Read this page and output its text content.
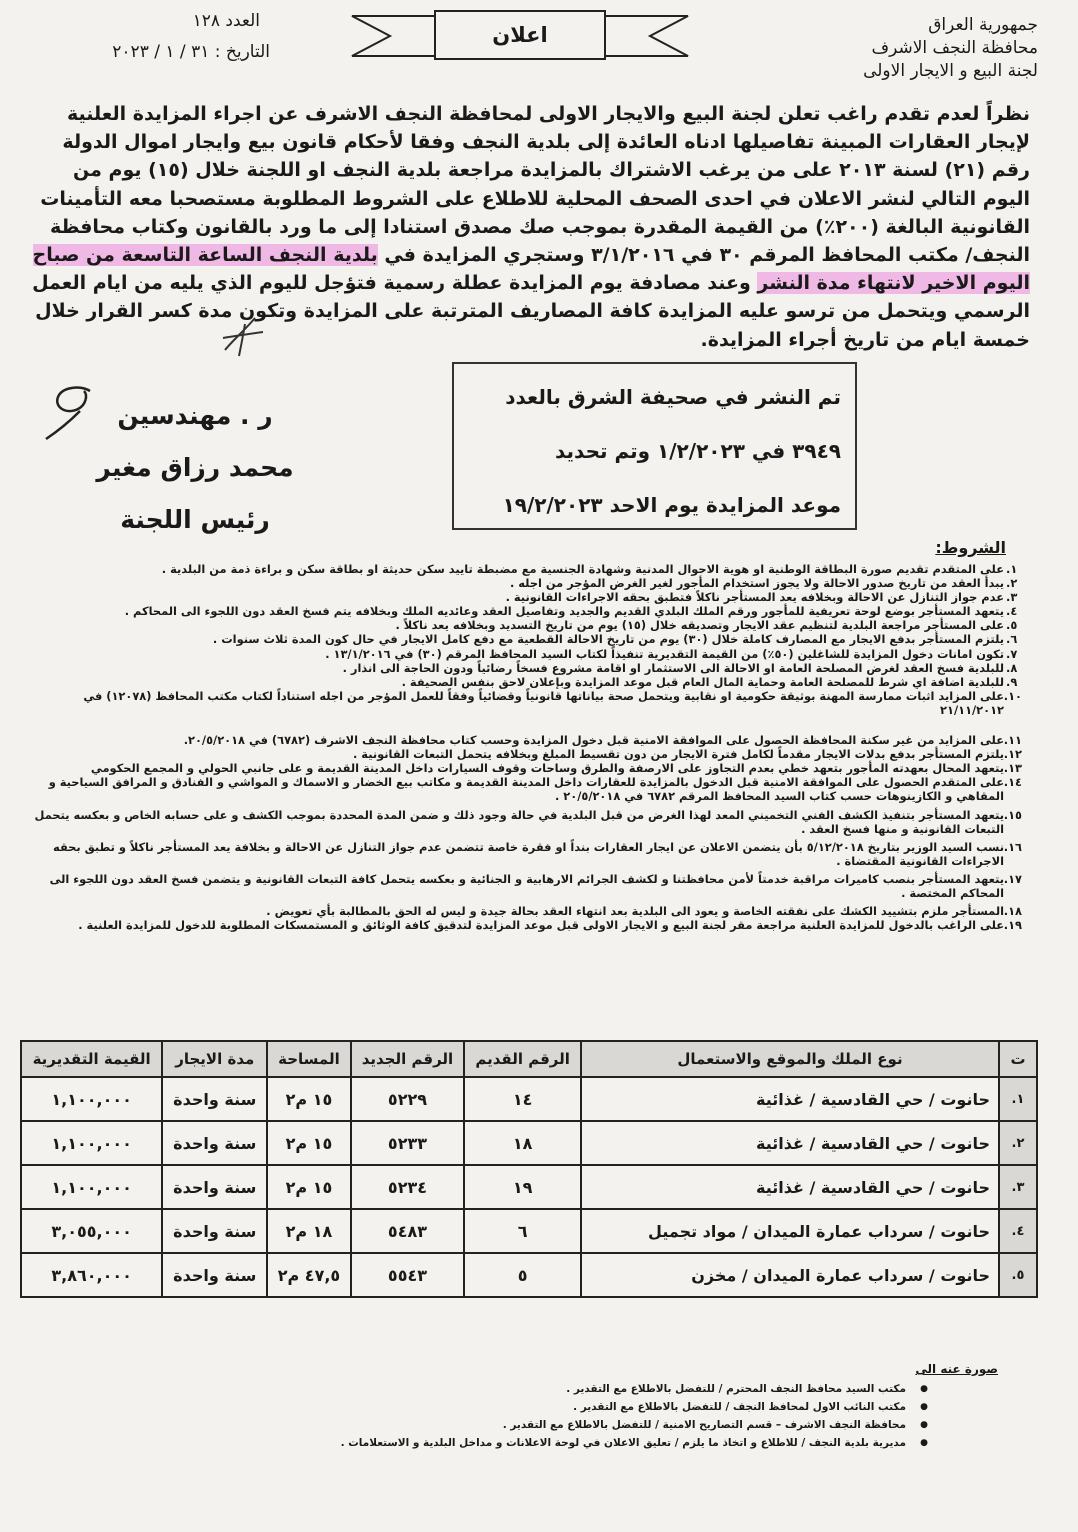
جمهورية العراق
محافظة النجف الاشرف
لجنة البيع و الايجار الاولى
العدد ١٢٨
التاريخ : ٣١ / ١ / ٢٠٢٣
اعلان
نظراً لعدم تقدم راغب تعلن لجنة البيع والايجار الاولى لمحافظة النجف الاشرف عن اجراء المزايدة العلنية لإيجار العقارات المبينة تفاصيلها ادناه العائدة إلى بلدية النجف وفقا لأحكام قانون بيع وايجار اموال الدولة رقم (٢١) لسنة ٢٠١٣ على من يرغب الاشتراك بالمزايدة مراجعة بلدية النجف او اللجنة خلال (١٥) يوم من اليوم التالي لنشر الاعلان في احدى الصحف المحلية للاطلاع على الشروط المطلوبة مستصحبا معه التأمينات القانونية البالغة (٢٠٠٪) من القيمة المقدرة بموجب صك مصدق استنادا إلى ما ورد بالقانون وكتاب محافظة النجف/ مكتب المحافظ المرقم ٣٠ في ٣/١/٢٠١٦ وستجري المزايدة في بلدية النجف الساعة التاسعة من صباح اليوم الاخير لانتهاء مدة النشر وعند مصادفة يوم المزايدة عطلة رسمية فتؤجل لليوم الذي يليه من ايام العمل الرسمي ويتحمل من ترسو عليه المزايدة كافة المصاريف المترتبة على المزايدة وتكون مدة كسر القرار خلال خمسة ايام من تاريخ أجراء المزايدة.
ر . مهندسين
محمد رزاق مغير
رئيس اللجنة
تم النشر في صحيفة الشرق بالعدد
٣٩٤٩ في ١/٢/٢٠٢٣ وتم تحديد
موعد المزايدة يوم الاحد ١٩/٢/٢٠٢٣
الشروط:
١.
على المتقدم تقديم صورة البطاقة الوطنية او هوية الاحوال المدنية وشهادة الجنسية مع مضبطة تاييد سكن حديثة او بطاقة سكن و براءة ذمة من البلدية .
٢.
يبدأ العقد من تاريخ صدور الاحالة ولا يجوز استخدام المأجور لغير الغرض المؤجر من اجله .
٣.
عدم جواز التنازل عن الاحالة وبخلافه يعد المستأجر ناكلاً فتطبق بحقه الاجراءات القانونية .
٤.
يتعهد المستأجر بوضع لوحة تعريفية للمأجور ورقم الملك البلدي القديم والجديد وتفاصيل العقد وعائديه الملك وبخلافه يتم فسخ العقد دون اللجوء الى المحاكم .
٥.
على المستأجر مراجعة البلدية لتنظيم عقد الايجار وتصديقه خلال (١٥) يوم من تاريخ التسديد وبخلافه يعد ناكلاً .
٦.
يلتزم المستأجر بدفع الايجار مع المصارف كاملة خلال (٣٠) يوم من تاريخ الاحالة القطعية مع دفع كامل الايجار في حال كون المدة ثلاث سنوات .
٧.
تكون امانات دخول المزايدة للشاغلين (٥٠٪) من القيمة التقديرية تنفيذاً لكتاب السيد المحافظ المرقم (٣٠) في ١٣/١/٢٠١٦ .
٨.
للبلدية فسخ العقد لغرض المصلحة العامة او الاحالة الى الاستثمار او اقامة مشروع فسخاً رضائياً ودون الحاجة الى انذار .
٩.
للبلدية اضافة اي شرط للمصلحة العامة وحماية المال العام قبل موعد المزايدة وبإعلان لاحق بنفس الصحيفة .
١٠.
على المزايد اثبات ممارسة المهنة بوثيقة حكومية او نقابية ويتحمل صحة بياناتها قانونياً وقضائياً وفقاً للعمل المؤجر من اجله استناداً لكتاب مكتب المحافظ (١٢٠٧٨) في ٢١/١١/٢٠١٢
١١.
على المزايد من غير سكنة المحافظة الحصول على الموافقة الامنية قبل دخول المزايدة وحسب كتاب محافظة النجف الاشرف (٦٧٨٢) في ٢٠/٥/٢٠١٨.
١٢.
يلتزم المستأجر بدفع بدلات الايجار مقدماً لكامل فترة الايجار من دون تقسيط المبلغ وبخلافه يتحمل التبعات القانونية .
١٣.
يتعهد المحال بعهدته المأجور بتعهد خطي بعدم التجاوز على الارصفة والطرق وساحات وقوف السيارات داخل المدينة القديمة و على جانبي الحولي و المجمع الحكومي
١٤.
على المتقدم الحصول على الموافقة الامنية قبل الدخول بالمزايدة للعقارات داخل المدينة القديمة و مكاتب بيع الخضار و الاسماك و المواشي و الفنادق و المرافق السياحية و المقاهي و الكازينوهات حسب كتاب السيد المحافظ المرقم ٦٧٨٢ في ٢٠/٥/٢٠١٨ .
١٥.
يتعهد المستأجر بتنفيذ الكشف الفني التخميني المعد لهذا الغرض من قبل البلدية في حالة وجود ذلك و ضمن المدة المحددة بموجب الكشف و على حسابه الخاص و بعكسه يتحمل التبعات القانونية و منها فسخ العقد .
١٦.
نسب السيد الوزير بتاريخ ٥/١٢/٢٠١٨ بأن يتضمن الاعلان عن ايجار العقارات بنداً او فقرة خاصة تتضمن عدم جواز التنازل عن الاحالة و بخلافة يعد المستأجر ناكلاً و تطبق بحقه الاجراءات القانونية المقتضاة .
١٧.
يتعهد المستأجر بنصب كاميرات مراقبة خدمتاً لأمن محافظتنا و لكشف الجرائم الارهابية و الجنائية و بعكسه يتحمل كافة التبعات القانونية و يتضمن فسخ العقد دون اللجوء الى المحاكم المختصة .
١٨.
المستأجر ملزم بتشييد الكشك على نفقته الخاصة و يعود الى البلدية بعد انتهاء العقد بحالة جيدة و ليس له الحق بالمطالبة بأي تعويض .
١٩.
على الراغب بالدخول للمزايدة العلنية مراجعة مقر لجنة البيع و الايجار الاولى قبل موعد المزايدة لتدقيق كافة الوثائق و المستمسكات المطلوبة للدخول للمزايدة العلنية .
ت	نوع الملك والموقع والاستعمال	الرقم القديم	الرقم الجديد	المساحة	مدة الايجار	القيمة التقديرية
١.	حانوت / حي القادسية / غذائية	١٤	٥٢٢٩	١٥ م٢	سنة واحدة	١,١٠٠,٠٠٠
٢.	حانوت / حي القادسية / غذائية	١٨	٥٢٣٣	١٥ م٢	سنة واحدة	١,١٠٠,٠٠٠
٣.	حانوت / حي القادسية / غذائية	١٩	٥٢٣٤	١٥ م٢	سنة واحدة	١,١٠٠,٠٠٠
٤.	حانوت / سرداب عمارة الميدان / مواد تجميل	٦	٥٤٨٣	١٨ م٢	سنة واحدة	٣,٠٥٥,٠٠٠
٥.	حانوت / سرداب عمارة الميدان / مخزن	٥	٥٥٤٣	٤٧,٥ م٢	سنة واحدة	٣,٨٦٠,٠٠٠
صورة عنه الى
● مكتب السيد محافظ النجف المحترم / للتفضل بالاطلاع مع التقدير .
● مكتب النائب الاول لمحافظ النجف / للتفضل بالاطلاع مع التقدير .
● محافظة النجف الاشرف – قسم التصاريح الامنية / للتفضل بالاطلاع مع التقدير .
● مديرية بلدية النجف / للاطلاع و اتخاذ ما يلزم / تعليق الاعلان في لوحة الاعلانات و مداخل البلدية و الاستعلامات .
